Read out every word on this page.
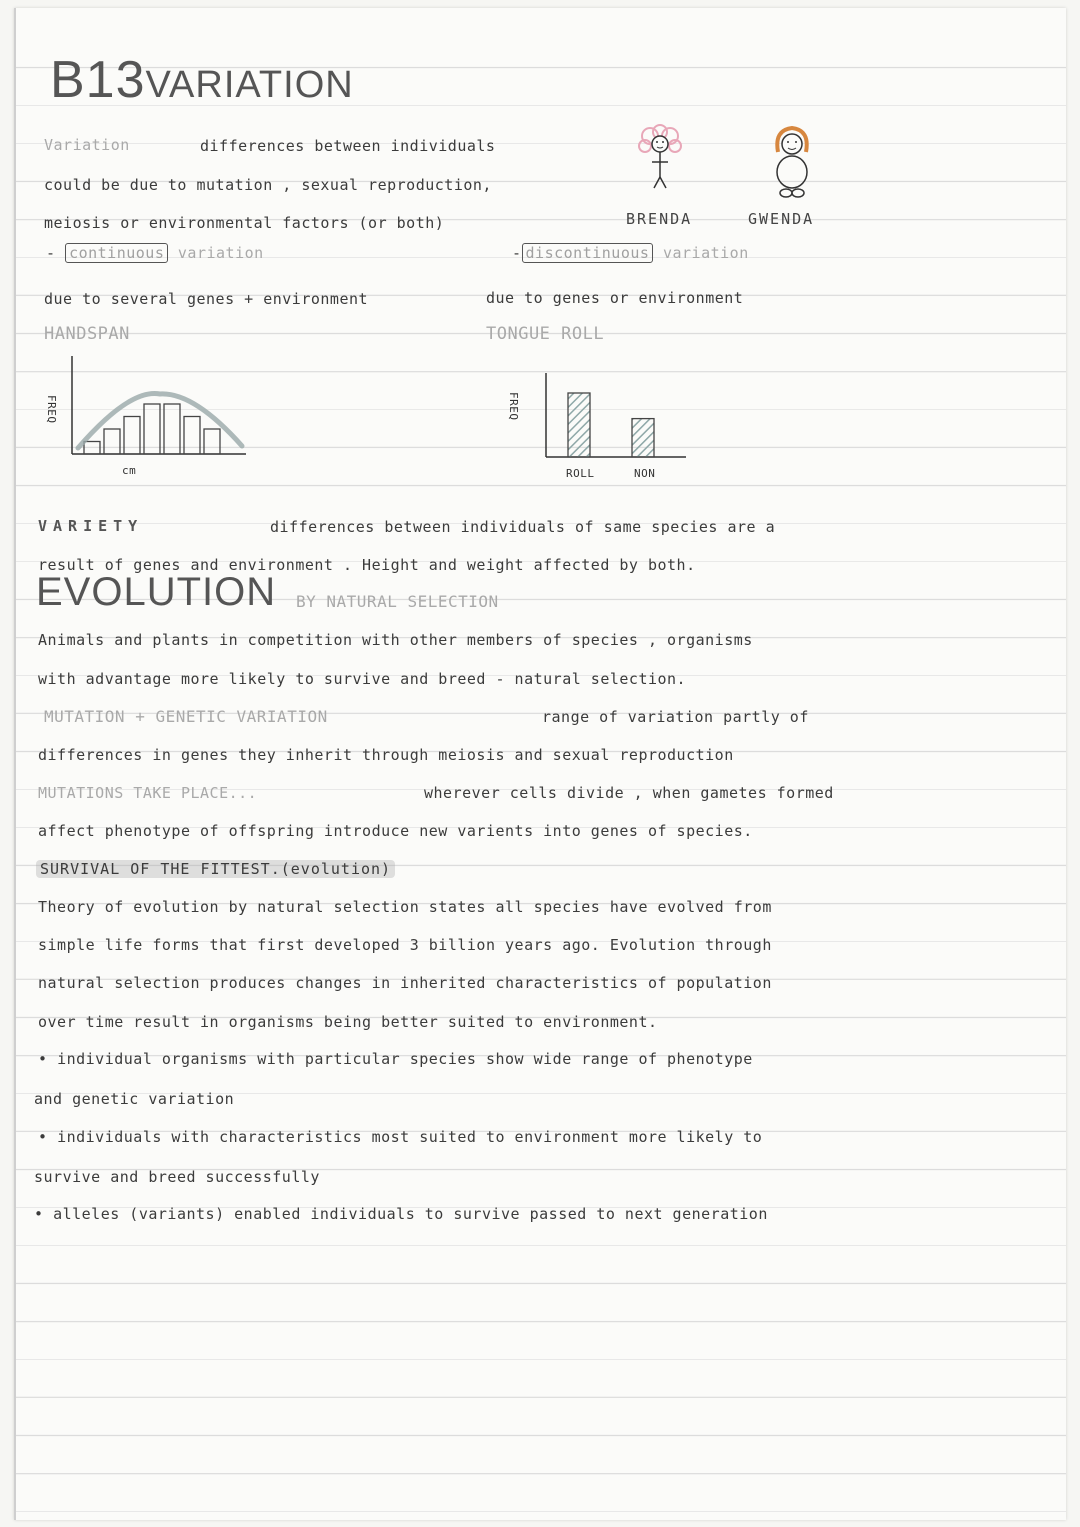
B13VARIATION
Variation	differences between individuals
could be due to mutation , sexual reproduction,
meiosis or environmental factors (or both)	BRENDA	GWENDA
- continuous variation	- discontinuous variation
due to several genes + environment	due to genes or environment
HANDSPAN	TONGUE ROLL
FREQ
cm
FREQ
ROLL	NON
VARIETY	differences between individuals of same species are a
result of genes and environment . Height and weight affected by both.
EVOLUTION BY NATURAL SELECTION
Animals and plants in competition with other members of species , organisms
with advantage more likely to survive and breed - natural selection.
MUTATION + GENETIC VARIATION	range of variation partly of
differences in genes they inherit through meiosis and sexual reproduction
MUTATIONS TAKE PLACE...	wherever cells divide , when gametes formed
affect phenotype of offspring introduce new varients into genes of species.
SURVIVAL OF THE FITTEST.(evolution)
Theory of evolution by natural selection states all species have evolved from
simple life forms that first developed 3 billion years ago. Evolution through
natural selection produces changes in inherited characteristics of population
over time result in organisms being better suited to environment.
• individual organisms with particular species show wide range of phenotype
and genetic variation
• individuals with characteristics most suited to environment more likely to
survive and breed successfully
• alleles (variants) enabled individuals to survive passed to next generation
